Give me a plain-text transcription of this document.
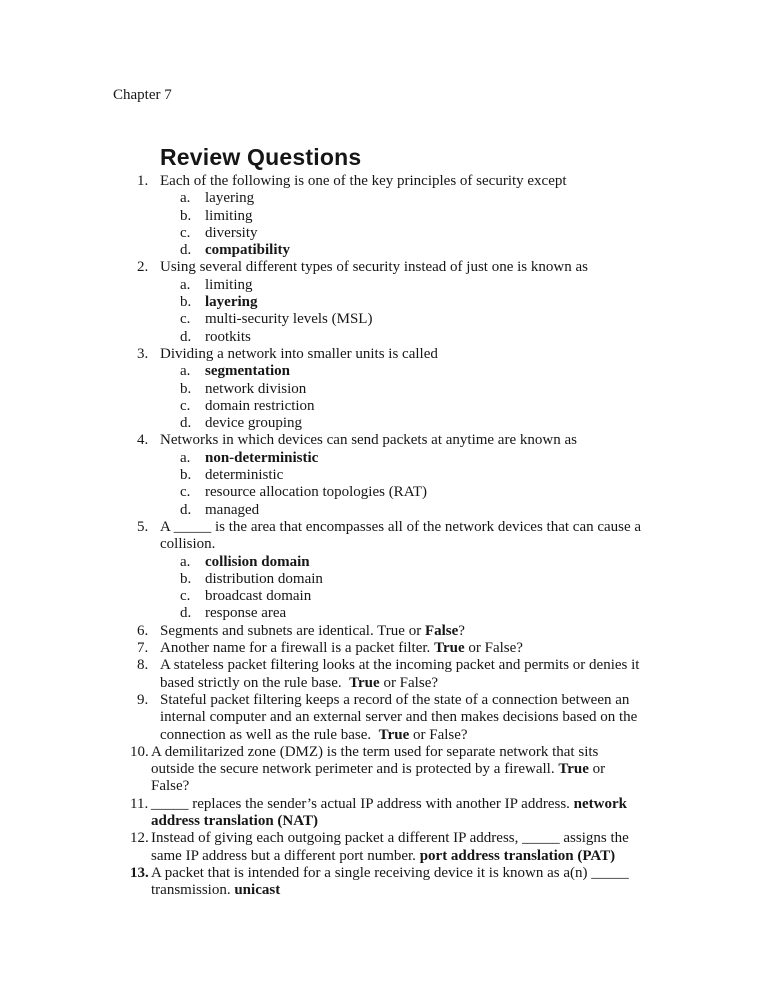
Chapter 7
Review Questions
1. Each of the following is one of the key principles of security except
a. layering
b. limiting
c. diversity
d. compatibility
2. Using several different types of security instead of just one is known as
a. limiting
b. layering
c. multi-security levels (MSL)
d. rootkits
3. Dividing a network into smaller units is called
a. segmentation
b. network division
c. domain restriction
d. device grouping
4. Networks in which devices can send packets at anytime are known as
a. non-deterministic
b. deterministic
c. resource allocation topologies (RAT)
d. managed
5. A _____ is the area that encompasses all of the network devices that can cause a
collision.
a. collision domain
b. distribution domain
c. broadcast domain
d. response area
6. Segments and subnets are identical. True or False?
7. Another name for a firewall is a packet filter. True or False?
8. A stateless packet filtering looks at the incoming packet and permits or denies it
based strictly on the rule base.  True or False?
9. Stateful packet filtering keeps a record of the state of a connection between an
internal computer and an external server and then makes decisions based on the
connection as well as the rule base.  True or False?
10. A demilitarized zone (DMZ) is the term used for separate network that sits
outside the secure network perimeter and is protected by a firewall. True or
False?
11. _____ replaces the sender’s actual IP address with another IP address. network
address translation (NAT)
12. Instead of giving each outgoing packet a different IP address, _____ assigns the
same IP address but a different port number. port address translation (PAT)
13. A packet that is intended for a single receiving device it is known as a(n) _____
transmission. unicast
